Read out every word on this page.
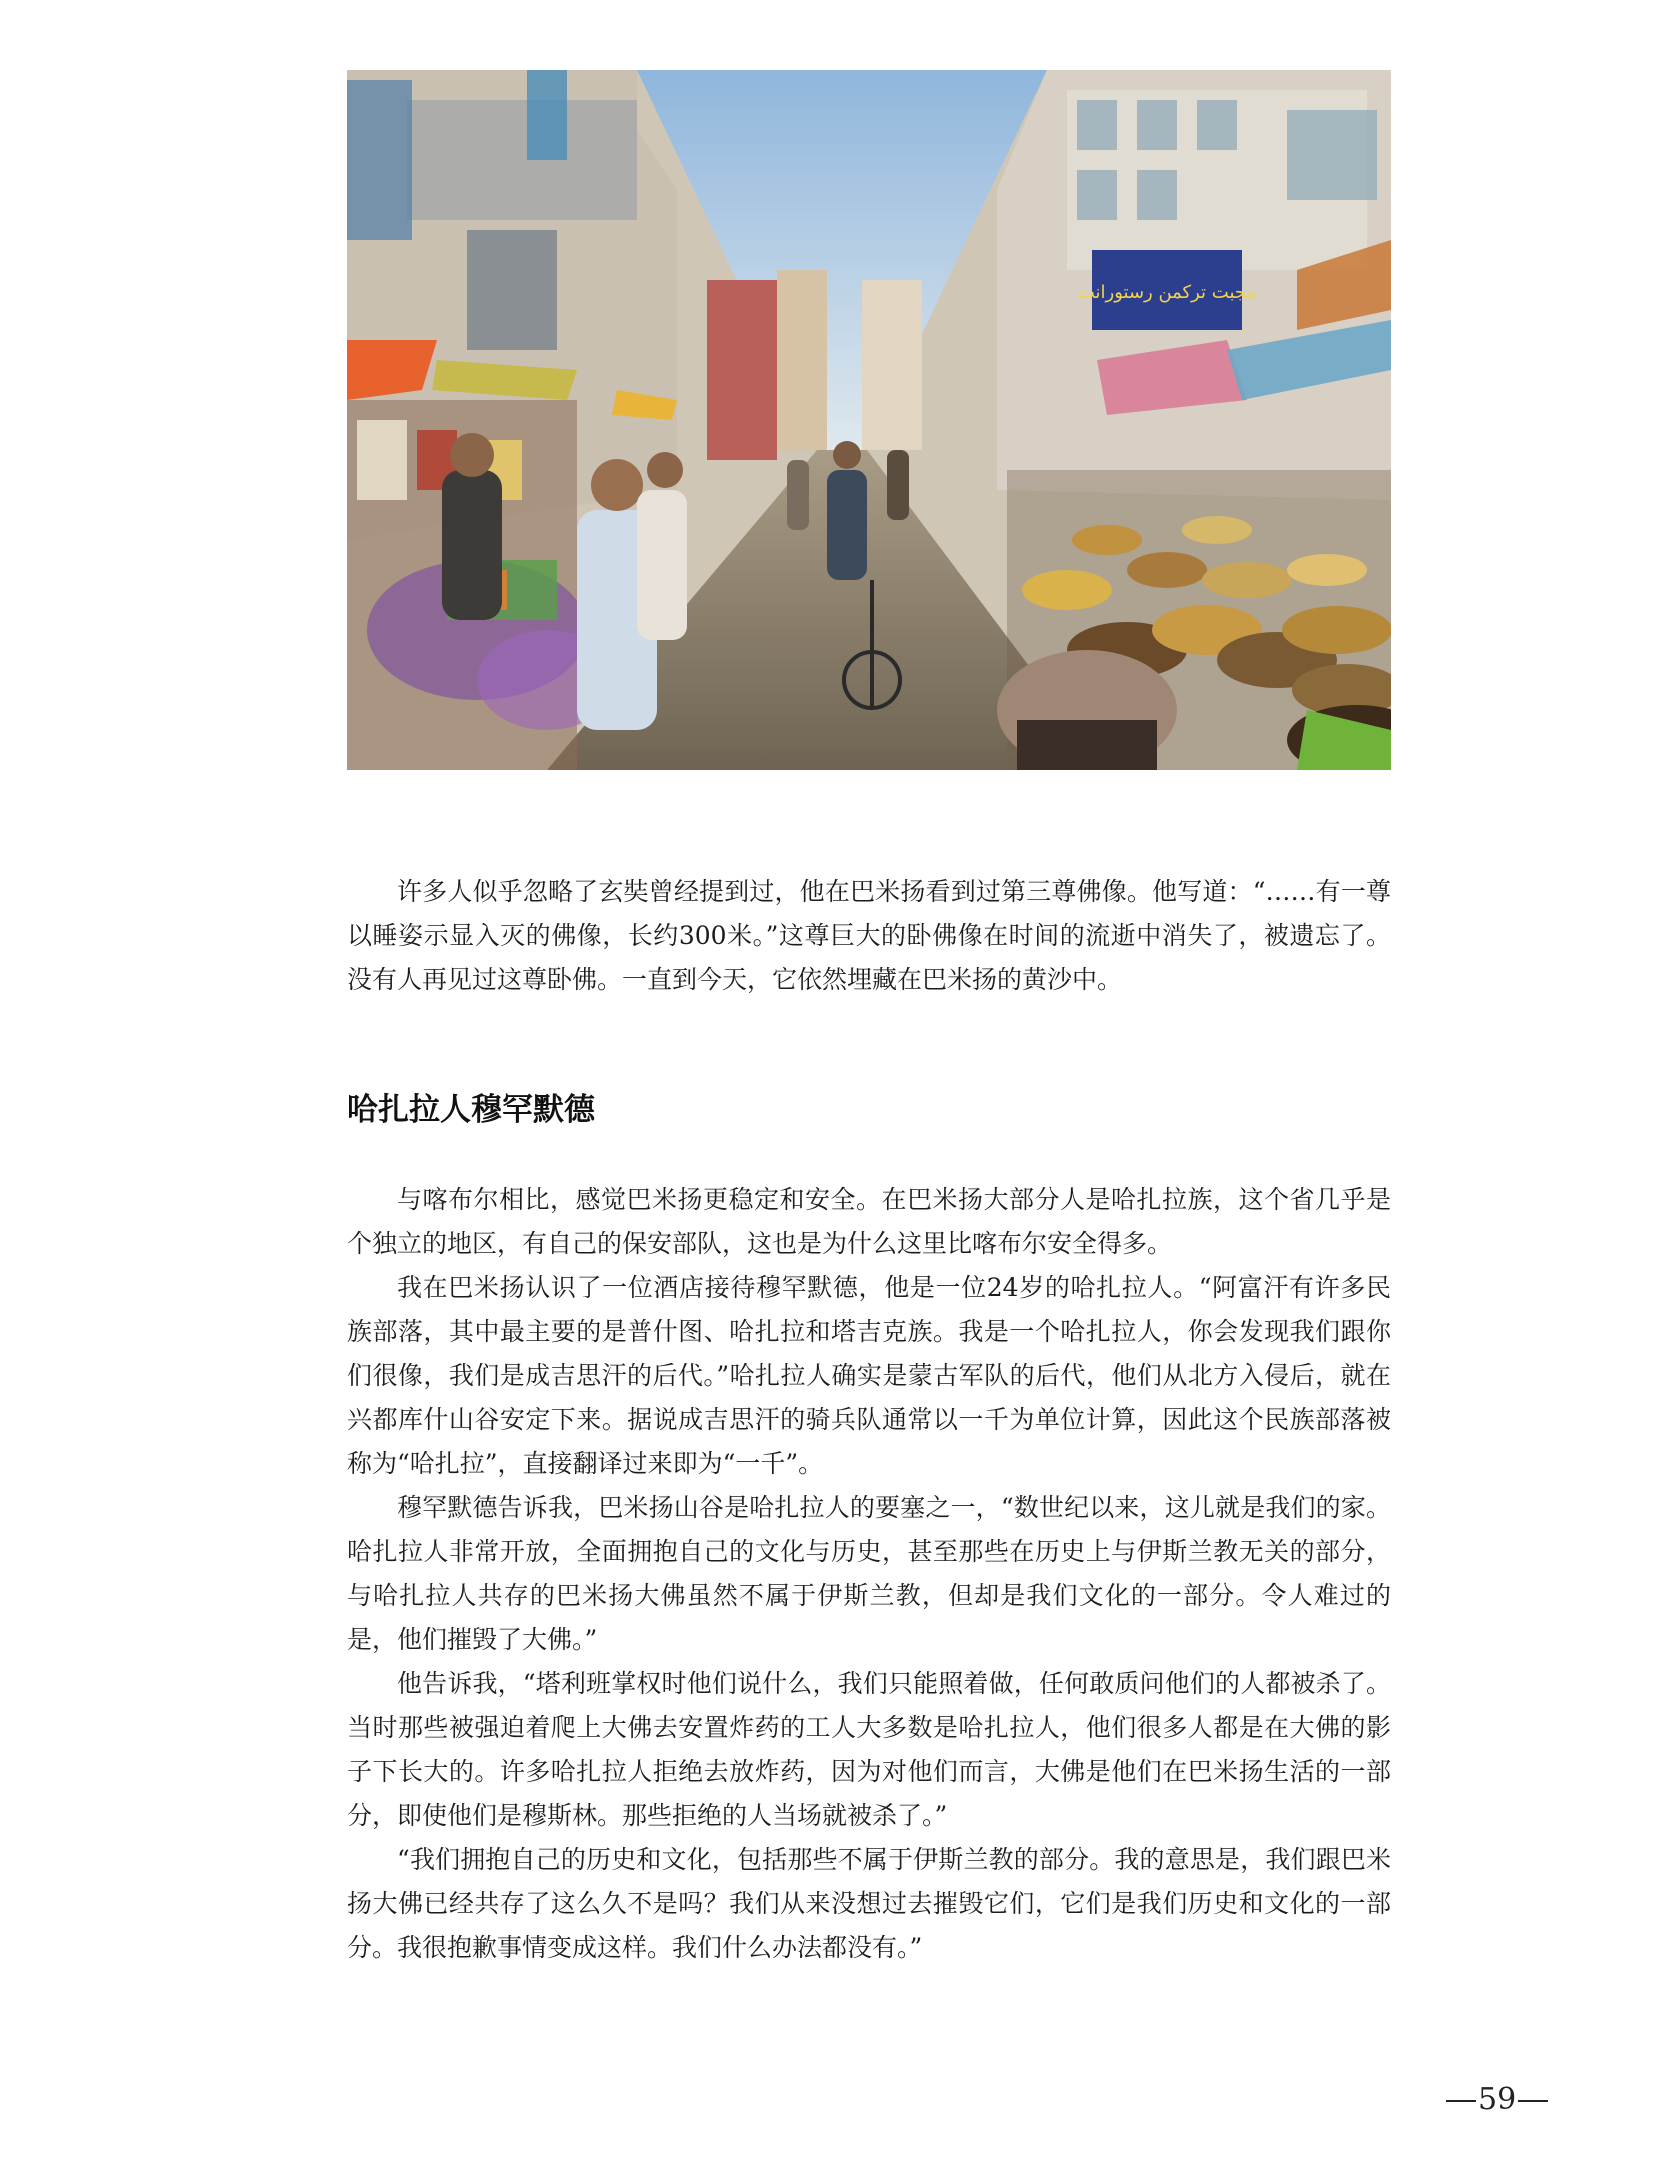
مجبت ترکمن رستورانت

许多人似乎忽略了玄奘曾经提到过，他在巴米扬看到过第三尊佛像。他写道：“……有一尊以睡姿示显入灭的佛像，长约300米。”这尊巨大的卧佛像在时间的流逝中消失了，被遗忘了。没有人再见过这尊卧佛。一直到今天，它依然埋藏在巴米扬的黄沙中。

哈扎拉人穆罕默德

与喀布尔相比，感觉巴米扬更稳定和安全。在巴米扬大部分人是哈扎拉族，这个省几乎是个独立的地区，有自己的保安部队，这也是为什么这里比喀布尔安全得多。

我在巴米扬认识了一位酒店接待穆罕默德，他是一位24岁的哈扎拉人。“阿富汗有许多民族部落，其中最主要的是普什图、哈扎拉和塔吉克族。我是一个哈扎拉人，你会发现我们跟你们很像，我们是成吉思汗的后代。”哈扎拉人确实是蒙古军队的后代，他们从北方入侵后，就在兴都库什山谷安定下来。据说成吉思汗的骑兵队通常以一千为单位计算，因此这个民族部落被称为“哈扎拉”，直接翻译过来即为“一千”。

穆罕默德告诉我，巴米扬山谷是哈扎拉人的要塞之一，“数世纪以来，这儿就是我们的家。哈扎拉人非常开放，全面拥抱自己的文化与历史，甚至那些在历史上与伊斯兰教无关的部分，与哈扎拉人共存的巴米扬大佛虽然不属于伊斯兰教，但却是我们文化的一部分。令人难过的是，他们摧毁了大佛。”

他告诉我，“塔利班掌权时他们说什么，我们只能照着做，任何敢质问他们的人都被杀了。当时那些被强迫着爬上大佛去安置炸药的工人大多数是哈扎拉人，他们很多人都是在大佛的影子下长大的。许多哈扎拉人拒绝去放炸药，因为对他们而言，大佛是他们在巴米扬生活的一部分，即使他们是穆斯林。那些拒绝的人当场就被杀了。”

“我们拥抱自己的历史和文化，包括那些不属于伊斯兰教的部分。我的意思是，我们跟巴米扬大佛已经共存了这么久不是吗？我们从来没想过去摧毁它们，它们是我们历史和文化的一部分。我很抱歉事情变成这样。我们什么办法都没有。”

59
